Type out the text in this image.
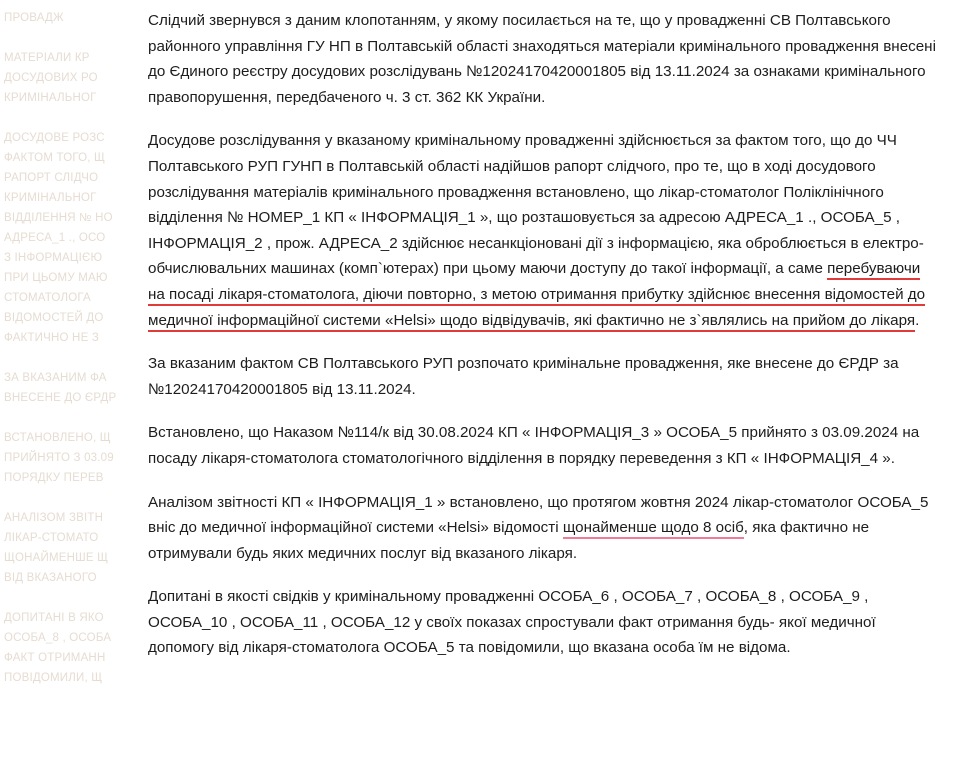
ПРОВАДЖ

МАТЕРІАЛИ КР
ДОСУДОВИХ РО
КРИМІНАЛЬНОГ

ДОСУДОВЕ РОЗС
ФАКТОМ ТОГО, Щ
РАПОРТ СЛІДЧО
КРИМІНАЛЬНОГ
ВІДДІЛЕННЯ № НО
АДРЕСА_1 ., ОСО
З ІНФОРМАЦІЄЮ
ПРИ ЦЬОМУ МАЮ
СТОМАТОЛОГА
ВІДОМОСТЕЙ ДО
ФАКТИЧНО НЕ З

ЗА ВКАЗАНИМ ФА
ВНЕСЕНЕ ДО ЄРДР

ВСТАНОВЛЕНО, Щ
ПРИЙНЯТО З 03.09
ПОРЯДКУ ПЕРЕВ

АНАЛІЗОМ ЗВІТН
ЛІКАР-СТОМАТО
ЩОНАЙМЕНШЕ Щ
ВІД ВКАЗАНОГО

ДОПИТАНІ В ЯКО
ОСОБА_8 , ОСОБА
ФАКТ ОТРИМАНН
ПОВІДОМИЛИ, Щ

Слідчий звернувся з даним клопотанням, у якому посилається на те, що у провадженні СВ Полтавського районного управління ГУ НП в Полтавській області знаходяться матеріали кримінального провадження внесені до Єдиного реєстру досудових розслідувань №12024170420001805 від 13.11.2024 за ознаками кримінального правопорушення, передбаченого ч. 3 ст. 362 КК України.

Досудове розслідування у вказаному кримінальному провадженні здійснюється за фактом того, що до ЧЧ Полтавського РУП ГУНП в Полтавській області надійшов рапорт слідчого, про те, що в ході досудового розслідування матеріалів кримінального провадження встановлено, що лікар-стоматолог Поліклінічного відділення № НОМЕР_1 КП « ІНФОРМАЦІЯ_1 », що розташовується за адресою АДРЕСА_1 ., ОСОБА_5 , ІНФОРМАЦІЯ_2 , прож. АДРЕСА_2 здійснює несанкціоновані дії з інформацією, яка оброблюється в електро-обчислювальних машинах (комп`ютерах) при цьому маючи доступу до такої інформації, а саме перебуваючи на посаді лікаря-стоматолога, діючи повторно, з метою отримання прибутку здійснює внесення відомостей до медичної інформаційної системи «Helsi» щодо відвідувачів, які фактично не з`являлись на прийом до лікаря.

За вказаним фактом СВ Полтавського РУП розпочато кримінальне провадження, яке внесене до ЄРДР за №12024170420001805 від 13.11.2024.

Встановлено, що Наказом №114/к від 30.08.2024 КП « ІНФОРМАЦІЯ_3 » ОСОБА_5 прийнято з 03.09.2024 на посаду лікаря-стоматолога стоматологічного відділення в порядку переведення з КП « ІНФОРМАЦІЯ_4 ».

Аналізом звітності КП « ІНФОРМАЦІЯ_1 » встановлено, що протягом жовтня 2024 лікар-стоматолог ОСОБА_5 вніс до медичної інформаційної системи «Helsi» відомості щонайменше щодо 8 осіб, яка фактично не отримували будь яких медичних послуг від вказаного лікаря.

Допитані в якості свідків у кримінальному провадженні ОСОБА_6 , ОСОБА_7 , ОСОБА_8 , ОСОБА_9 , ОСОБА_10 , ОСОБА_11 , ОСОБА_12 у своїх показах спростували факт отримання будь- якої медичної допомогу від лікаря-стоматолога ОСОБА_5 та повідомили, що вказана особа їм не відома.
